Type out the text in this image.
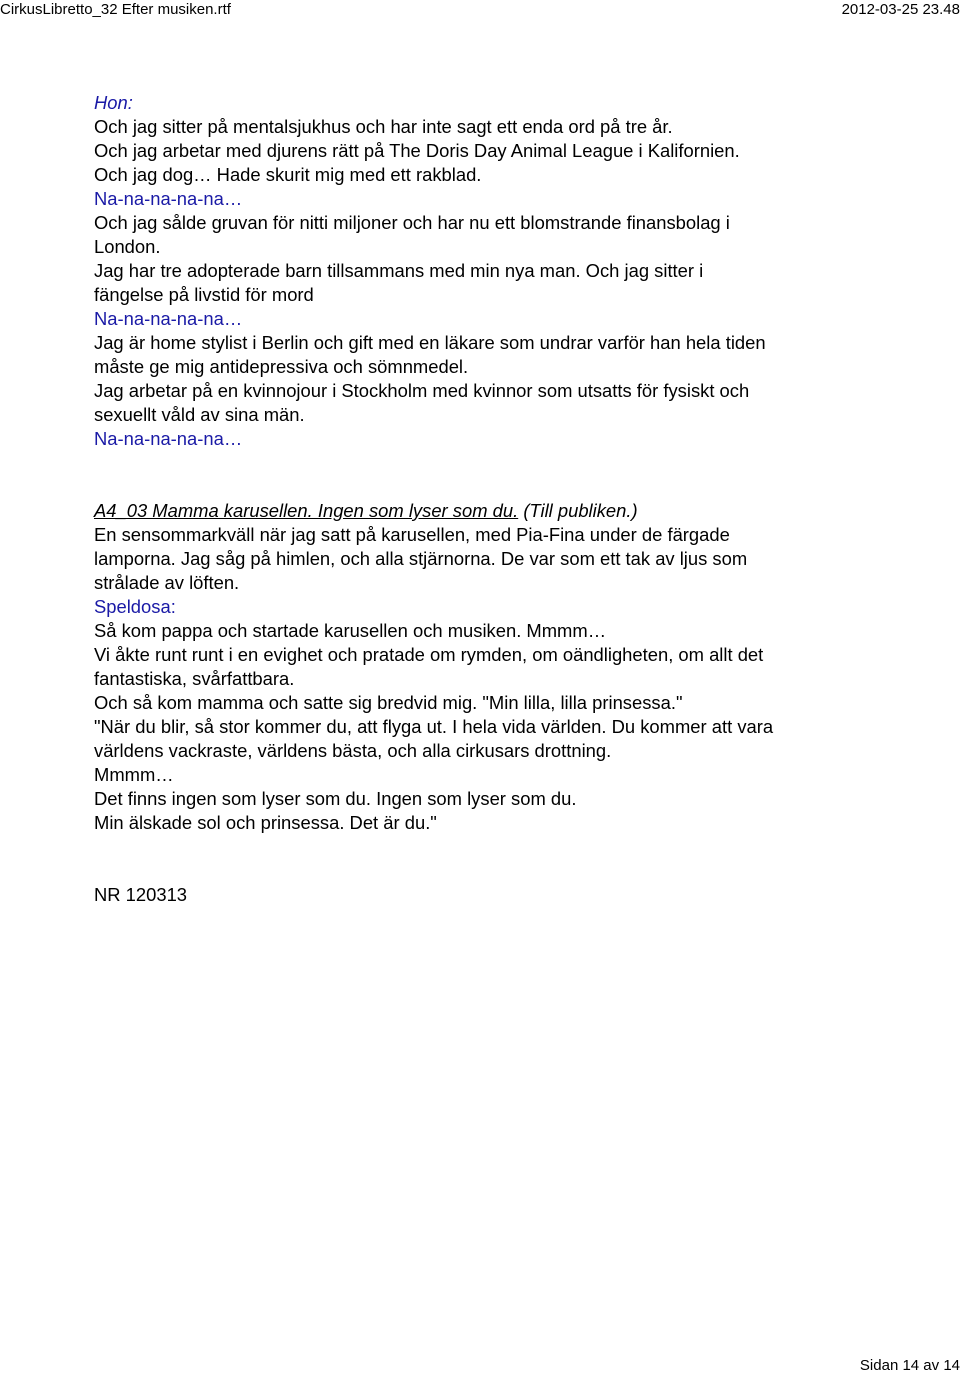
CirkusLibretto_32 Efter musiken.rtf	2012-03-25 23.48
Hon:
Och jag sitter på mentalsjukhus och har inte sagt ett enda ord på tre år.
Och jag arbetar med djurens rätt på The Doris Day Animal League i Kalifornien.
Och jag dog… Hade skurit mig med ett rakblad.
Na-na-na-na-na…
Och jag sålde gruvan för nitti miljoner och har nu ett blomstrande finansbolag i
London.
Jag har tre adopterade barn tillsammans med min nya man. Och jag sitter i
fängelse på livstid för mord
Na-na-na-na-na…
Jag är home stylist i Berlin och gift med en läkare som undrar varför han hela tiden
måste ge mig antidepressiva och sömnmedel.
Jag arbetar på en kvinnojour i Stockholm med kvinnor som utsatts för fysiskt och
sexuellt våld av sina män.
Na-na-na-na-na…
A4_03 Mamma karusellen. Ingen som lyser som du. (Till publiken.)
En sensommarkväll när jag satt på karusellen, med Pia-Fina under de färgade
lamporna. Jag såg på himlen, och alla stjärnorna. De var som ett tak av ljus som
strålade av löften.
Speldosa:
Så kom pappa och startade karusellen och musiken. Mmmm…
Vi åkte runt runt i en evighet och pratade om rymden, om oändligheten, om allt det
fantastiska, svårfattbara.
Och så kom mamma och satte sig bredvid mig. "Min lilla, lilla prinsessa."
"När du blir, så stor kommer du, att flyga ut. I hela vida världen. Du kommer att vara
världens vackraste, världens bästa, och alla cirkusars drottning.
Mmmm…
Det finns ingen som lyser som du. Ingen som lyser som du.
Min älskade sol och prinsessa. Det är du."
NR 120313
Sidan 14 av 14
